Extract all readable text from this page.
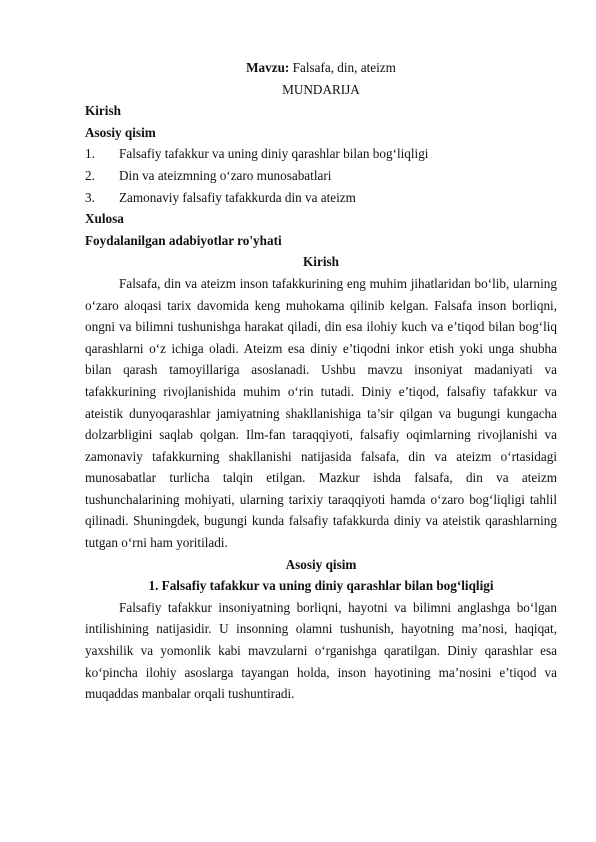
Mavzu: Falsafa, din, ateizm
MUNDARIJA
Kirish
Asosiy qisim
1.	Falsafiy tafakkur va uning diniy qarashlar bilan bog‘liqligi
2.	Din va ateizmning o‘zaro munosabatlari
3.	Zamonaviy falsafiy tafakkurda din va ateizm
Xulosa
Foydalanilgan adabiyotlar ro'yhati
Kirish

Falsafa, din va ateizm inson tafakkurining eng muhim jihatlaridan bo‘lib, ularning o‘zaro aloqasi tarix davomida keng muhokama qilinib kelgan. Falsafa inson borliqni, ongni va bilimni tushunishga harakat qiladi, din esa ilohiy kuch va e’tiqod bilan bog‘liq qarashlarni o‘z ichiga oladi. Ateizm esa diniy e’tiqodni inkor etish yoki unga shubha bilan qarash tamoyillariga asoslanadi. Ushbu mavzu insoniyat madaniyati va tafakkurining rivojlanishida muhim o‘rin tutadi. Diniy e’tiqod, falsafiy tafakkur va ateistik dunyoqarashlar jamiyatning shakllanishiga ta’sir qilgan va bugungi kungacha dolzarbligini saqlab qolgan. Ilm-fan taraqqiyoti, falsafiy oqimlarning rivojlanishi va zamonaviy tafakkurning shakllanishi natijasida falsafa, din va ateizm o‘rtasidagi munosabatlar turlicha talqin etilgan. Mazkur ishda falsafa, din va ateizm tushunchalarining mohiyati, ularning tarixiy taraqqiyoti hamda o‘zaro bog‘liqligi tahlil qilinadi. Shuningdek, bugungi kunda falsafiy tafakkurda diniy va ateistik qarashlarning tutgan o‘rni ham yoritiladi.

Asosiy qisim
1. Falsafiy tafakkur va uning diniy qarashlar bilan bog‘liqligi

Falsafiy tafakkur insoniyatning borliqni, hayotni va bilimni anglashga bo‘lgan intilishining natijasidir. U insonning olamni tushunish, hayotning ma’nosi, haqiqat, yaxshilik va yomonlik kabi mavzularni o‘rganishga qaratilgan. Diniy qarashlar esa ko‘pincha ilohiy asoslarga tayangan holda, inson hayotining ma’nosini e’tiqod va muqaddas manbalar orqali tushuntiradi.
